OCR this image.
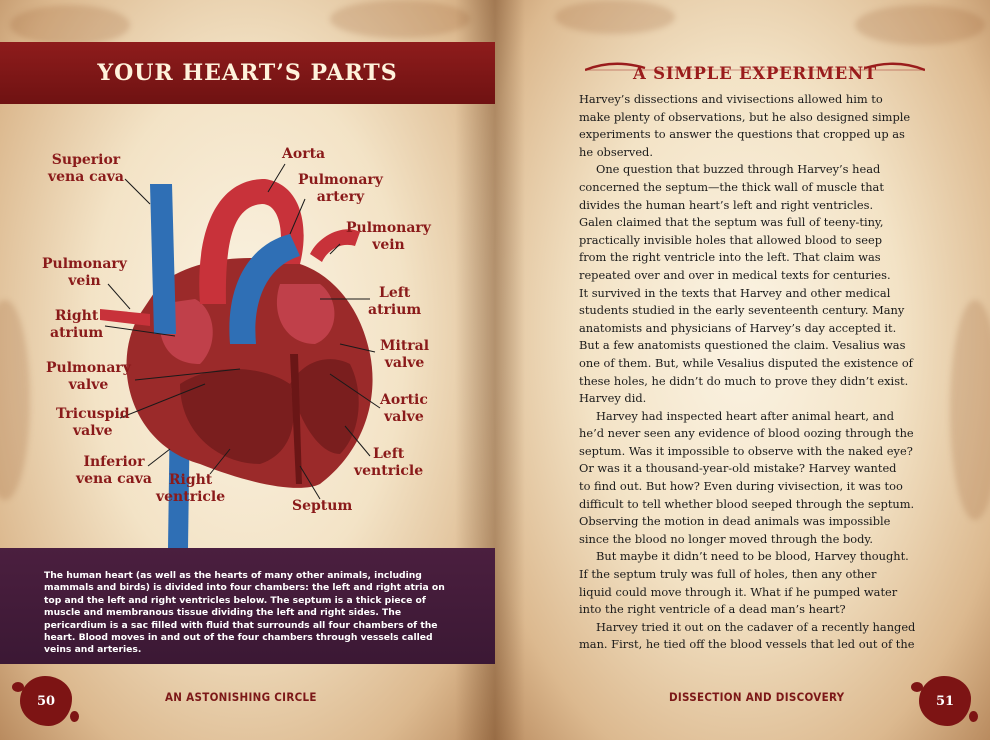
YOUR HEART’S PARTS
Superior
vena cava
Aorta
Pulmonary
artery
Pulmonary
vein
Pulmonary
vein
Left
atrium
Right
atrium
Mitral
valve
Pulmonary
valve
Aortic
valve
Tricuspid
valve
Left
ventricle
Inferior
vena cava	Right
ventricle
Septum

The human heart (as well as the hearts of many other animals, including mammals and birds) is divided into four chambers: the left and right atria on top and the left and right ventricles below. The septum is a thick piece of muscle and membranous tissue dividing the left and right sides. The pericardium is a sac filled with fluid that surrounds all four chambers of the heart. Blood moves in and out of the four chambers through vessels called veins and arteries.

50	AN ASTONISHING CIRCLE
A SIMPLE EXPERIMENT
Harvey’s dissections and vivisections allowed him to
make plenty of observations, but he also designed simple
experiments to answer the questions that cropped up as
he observed.
One question that buzzed through Harvey’s head
concerned the septum—the thick wall of muscle that
divides the human heart’s left and right ventricles.
Galen claimed that the septum was full of teeny-tiny,
practically invisible holes that allowed blood to seep
from the right ventricle into the left. That claim was
repeated over and over in medical texts for centuries.
It survived in the texts that Harvey and other medical
students studied in the early seventeenth century. Many
anatomists and physicians of Harvey’s day accepted it.
But a few anatomists questioned the claim. Vesalius was
one of them. But, while Vesalius disputed the existence of
these holes, he didn’t do much to prove they didn’t exist.
Harvey did.
Harvey had inspected heart after animal heart, and
he’d never seen any evidence of blood oozing through the
septum. Was it impossible to observe with the naked eye?
Or was it a thousand-year-old mistake? Harvey wanted
to find out. But how? Even during vivisection, it was too
difficult to tell whether blood seeped through the septum.
Observing the motion in dead animals was impossible
since the blood no longer moved through the body.
But maybe it didn’t need to be blood, Harvey thought.
If the septum truly was full of holes, then any other
liquid could move through it. What if he pumped water
into the right ventricle of a dead man’s heart?
Harvey tried it out on the cadaver of a recently hanged
man. First, he tied off the blood vessels that led out of the
DISSECTION AND DISCOVERY	51
